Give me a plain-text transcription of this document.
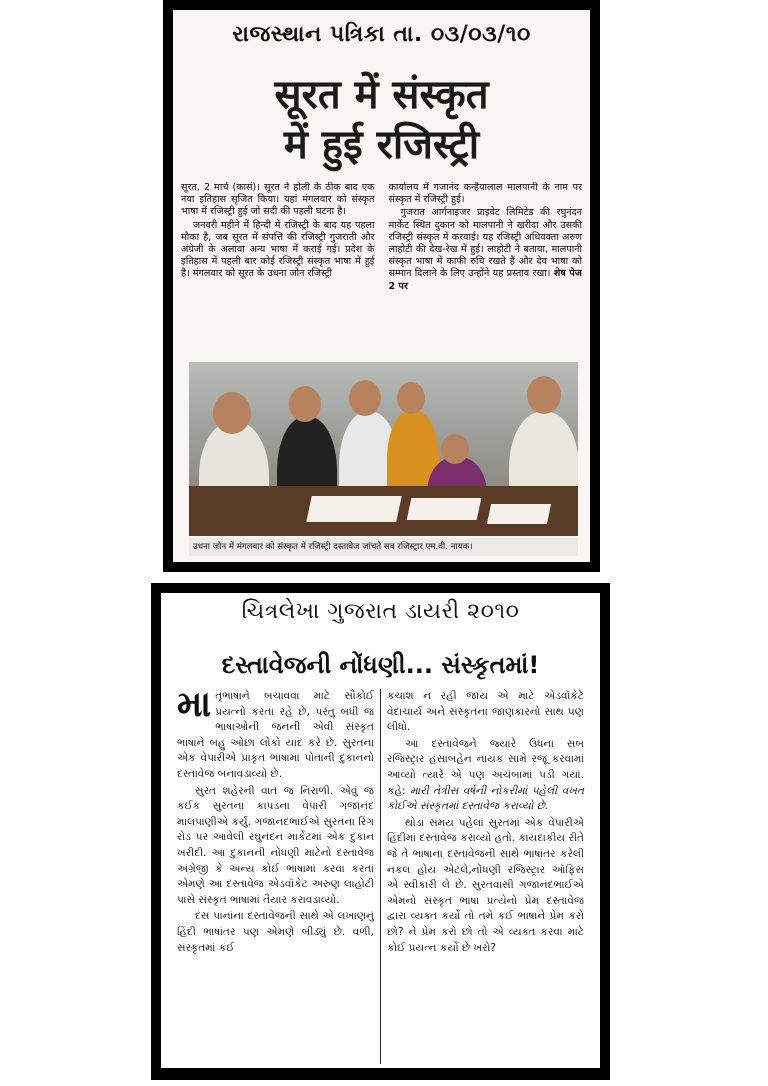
રાજસ્થાન પત્રિકા તા. ૦૩/૦૩/૧૦
सूरत में संस्कृत
में हुई रजिस्ट्री

सूरत, 2 मार्च (कासं)। सूरत ने होली के ठीक बाद एक नया इतिहास सृजित किया। यहां मंगलवार को संस्कृत भाषा में रजिस्ट्री हुई जो सदी की पहली घटना है।

जनवरी महीने में हिन्दी में रजिस्ट्री के बाद यह पहला मौका है, जब सूरत में संपत्ति की रजिस्ट्री गुजराती और अंग्रेजी के अलावा अन्य भाषा में कराई गई। प्रदेश के इतिहास में पहली बार कोई रजिस्ट्री संस्कृत भाषा में हुई है। मंगलवार को सूरत के उधना जोन रजिस्ट्री

कार्यालय में गजानंद कन्हैयालाल मालपानी के नाम पर संस्कृत में रजिस्ट्री हुई।

गुजरात आर्गनाइजर प्राइवेट लिमिटेड की रघुनंदन मार्केट स्थित दुकान को मालपानी ने खरीदा और उसकी रजिस्ट्री संस्कृत में करवाई। यह रजिस्ट्री अधिवक्ता अरुण लाहोटी की देख-रेख में हुई। लाहोटी ने बताया, मालपानी संस्कृत भाषा में काफी रुचि रखते हैं और देव भाषा को सम्मान दिलाने के लिए उन्होंने यह प्रस्ताव रखा। शेष पेज 2 पर

उधना जोन में मंगलवार को संस्कृत में रजिस्ट्री दस्तावेज जांचते सब रजिस्ट्रार एम.वी. नायक।
ચિત્રલેખા ગુજરાત ડાયરી ૨૦૧૦
દસ્તાવેજની નોંધણી... સંસ્કૃતમાં!

માતૃભાષાને બચાવવા માટે સૌકોઈ પ્રયત્નો કરતા રહે છે, પરંતુ બધી જ ભાષાઓની જનની એવી સંસ્કૃત ભાષાને બહુ ઓછા લોકો યાદ કરે છે. સુરતના એક વેપારીએ પ્રાકૃત ભાષામાં પોતાની દુકાનનો દસ્તાવેજ બનાવડાવ્યો છે.

સુરત શહેરની વાત જ નિરાળી. એવું જ કંઈક સુરતના કાપડના વેપારી ગજાનંદ માલપાણીએ કર્યું. ગજાનંદભાઈએ સુરતના રિંગ રોડ પર આવેલી રઘુનંદન માર્કેટમાં એક દુકાન ખરીદી. આ દુકાનની નોંધણી માટેનો દસ્તાવેજ અંગ્રેજી કે અન્ય કોઈ ભાષામાં કરવા કરતાં એમણે આ દસ્તાવેજ એડવૉકેટ અરુણ લાહોટી પાસે સંસ્કૃત ભાષામાં તૈયાર કરાવડાવ્યો.

દસ પાનાંના દસ્તાવેજની સાથે એ લખાણનું હિંદી ભાષાંતર પણ એમણે બીડ્યું છે. વળી, સંસ્કૃતમાં કંઈ

કચાશ ન રહી જાય એ માટે એડવૉકેટે વેદાચાર્ય અને સંસ્કૃતના જાણકારનો સાથ પણ લીધો.

આ દસ્તાવેજને જ્યારે ઉધના સબ રજિસ્ટ્રાર હંસાબહેન નાયક સામે રજૂ કરવામાં આવ્યો ત્યારે એ પણ અચંબામાં પડી ગયાં. કહે: મારી તેત્રીસ વર્ષની નોકરીમાં પહેલી વખત કોઈએ સંસ્કૃતમાં દસ્તાવેજ કરાવ્યો છે.

થોડા સમય પહેલાં સુરતમાં એક વેપારીએ હિંદીમાં દસ્તાવેજ કરાવ્યો હતો. કાયદાકીય રીતે જે તે ભાષાના દસ્તાવેજની સાથે ભાષાંતર કરેલી નકલ હોય એટલે,નોંધણી રજિસ્ટ્રાર ઑફિસ એ સ્વીકારી લે છે. સુરતવાસી ગજાનંદભાઈએ એમનો સંસ્કૃત ભાષા પ્રત્યેનો પ્રેમ દસ્તાવેજ દ્વારા વ્યક્ત કર્યો તો તમે કઈ ભાષાને પ્રેમ કરો છો? ને પ્રેમ કરો છો તો એ વ્યક્ત કરવા માટે કોઈ પ્રયત્ન કર્યો છે ખરો?
